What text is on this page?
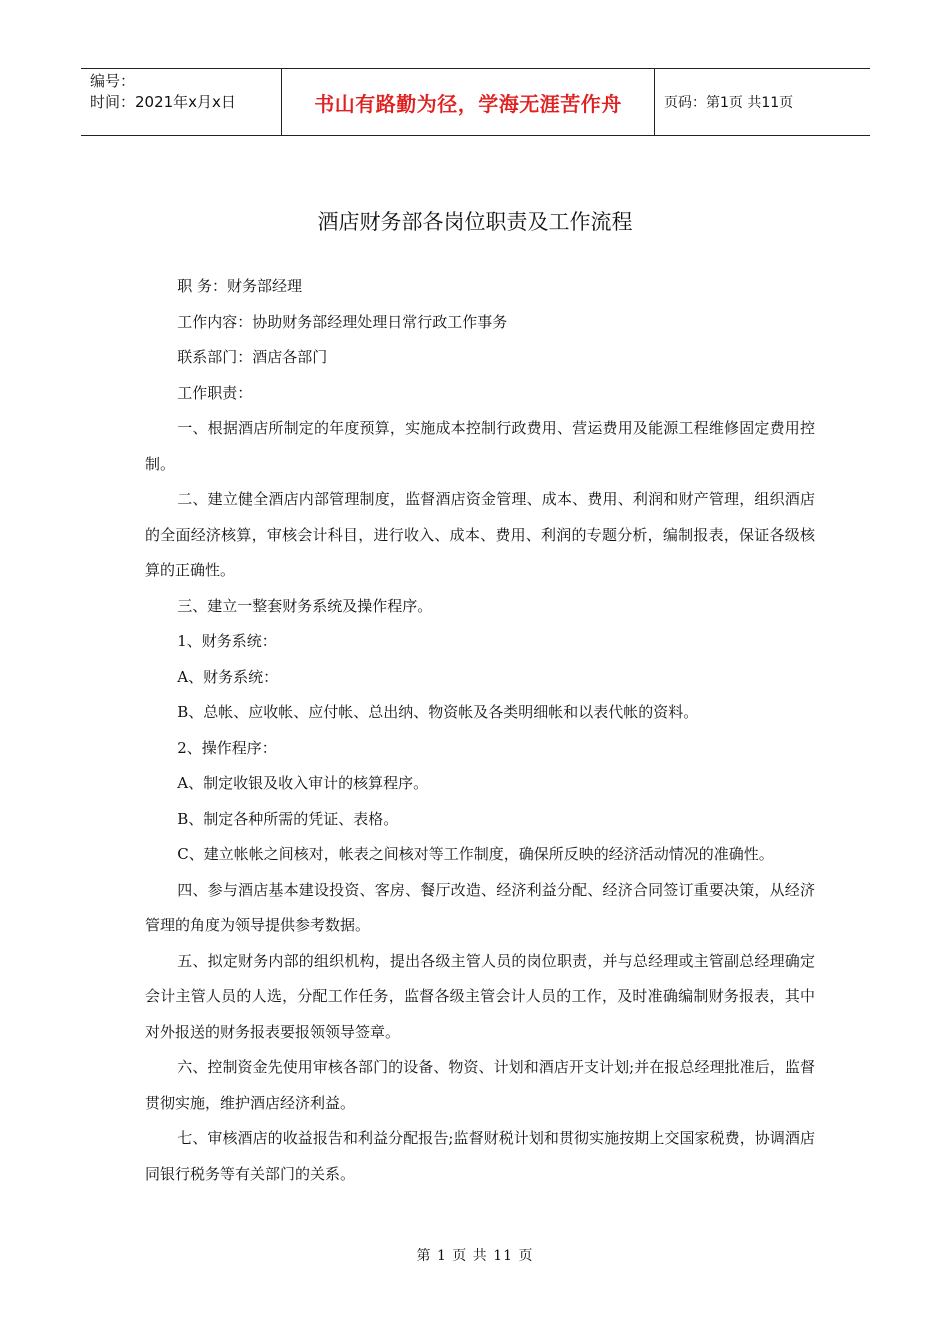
编号：
时间：2021年x月x日	书山有路勤为径，学海无涯苦作舟	页码：第1页 共11页
酒店财务部各岗位职责及工作流程

职 务：财务部经理

工作内容：协助财务部经理处理日常行政工作事务

联系部门：酒店各部门

工作职责：

一、根据酒店所制定的年度预算，实施成本控制行政费用、营运费用及能源工程维修固定费用控制。

二、建立健全酒店内部管理制度，监督酒店资金管理、成本、费用、利润和财产管理，组织酒店的全面经济核算，审核会计科目，进行收入、成本、费用、利润的专题分析，编制报表，保证各级核算的正确性。

三、建立一整套财务系统及操作程序。

1、财务系统：

A、财务系统：

B、总帐、应收帐、应付帐、总出纳、物资帐及各类明细帐和以表代帐的资料。

2、操作程序：

A、制定收银及收入审计的核算程序。

B、制定各种所需的凭证、表格。

C、建立帐帐之间核对，帐表之间核对等工作制度，确保所反映的经济活动情况的准确性。

四、参与酒店基本建设投资、客房、餐厅改造、经济利益分配、经济合同签订重要决策，从经济管理的角度为领导提供参考数据。

五、拟定财务内部的组织机构，提出各级主管人员的岗位职责，并与总经理或主管副总经理确定会计主管人员的人选，分配工作任务，监督各级主管会计人员的工作，及时准确编制财务报表，其中对外报送的财务报表要报领领导签章。

六、控制资金先使用审核各部门的设备、物资、计划和酒店开支计划;并在报总经理批准后，监督贯彻实施，维护酒店经济利益。

七、审核酒店的收益报告和利益分配报告;监督财税计划和贯彻实施按期上交国家税费，协调酒店同银行税务等有关部门的关系。

第 1 页 共 11 页
